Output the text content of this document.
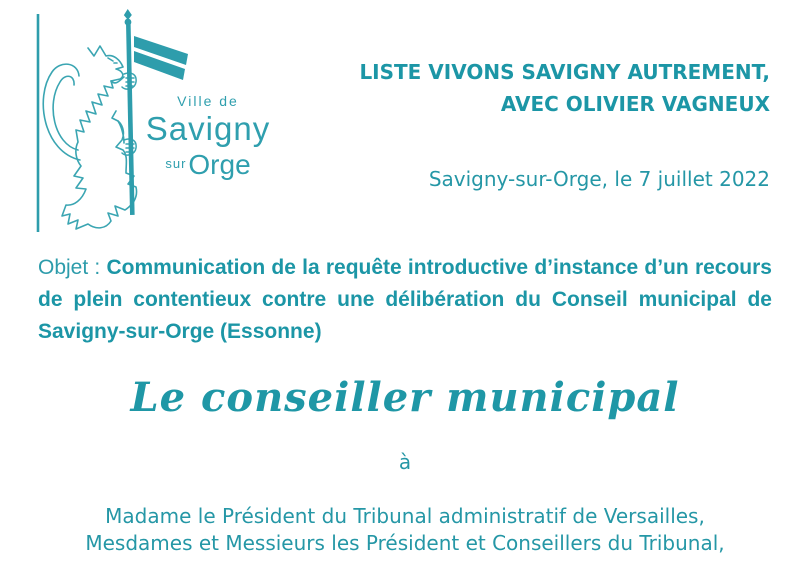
Ville de
Savigny
$^{sur}$Orge
LISTE VIVONS SAVIGNY AUTREMENT,
AVEC OLIVIER VAGNEUX
Savigny-sur-Orge, le 7 juillet 2022

Objet : Communication de la requête introductive d’instance d’un recours de plein contentieux contre une délibération du Conseil municipal de Savigny-sur-Orge (Essonne)

Le conseiller municipal
à
Madame le Président du Tribunal administratif de Versailles,
Mesdames et Messieurs les Président et Conseillers du Tribunal,
